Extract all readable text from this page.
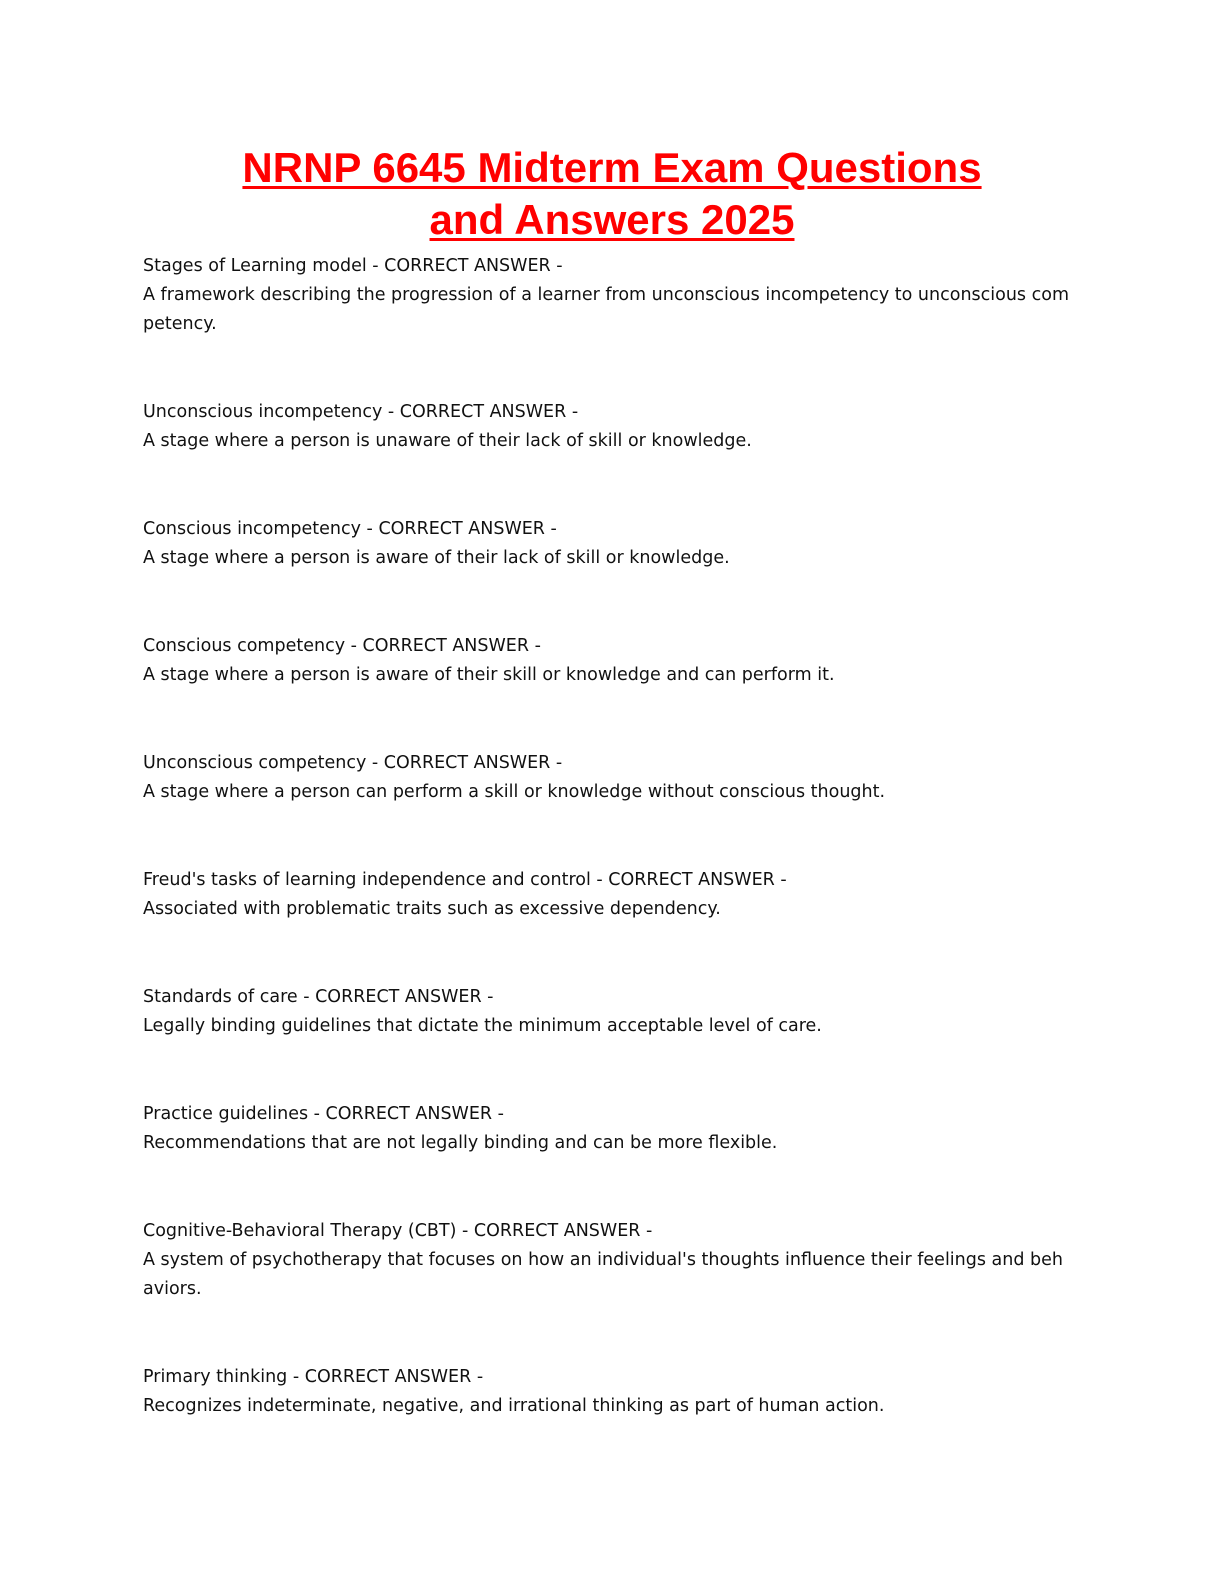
NRNP 6645 Midterm Exam Questions
and Answers 2025
Stages of Learning model - CORRECT ANSWER -
A framework describing the progression of a learner from unconscious incompetency to unconscious competency.
Unconscious incompetency - CORRECT ANSWER -
A stage where a person is unaware of their lack of skill or knowledge.
Conscious incompetency - CORRECT ANSWER -
A stage where a person is aware of their lack of skill or knowledge.
Conscious competency - CORRECT ANSWER -
A stage where a person is aware of their skill or knowledge and can perform it.
Unconscious competency - CORRECT ANSWER -
A stage where a person can perform a skill or knowledge without conscious thought.
Freud's tasks of learning independence and control - CORRECT ANSWER -
Associated with problematic traits such as excessive dependency.
Standards of care - CORRECT ANSWER -
Legally binding guidelines that dictate the minimum acceptable level of care.
Practice guidelines - CORRECT ANSWER -
Recommendations that are not legally binding and can be more flexible.
Cognitive-Behavioral Therapy (CBT) - CORRECT ANSWER -
A system of psychotherapy that focuses on how an individual's thoughts influence their feelings and behaviors.
Primary thinking - CORRECT ANSWER -
Recognizes indeterminate, negative, and irrational thinking as part of human action.
